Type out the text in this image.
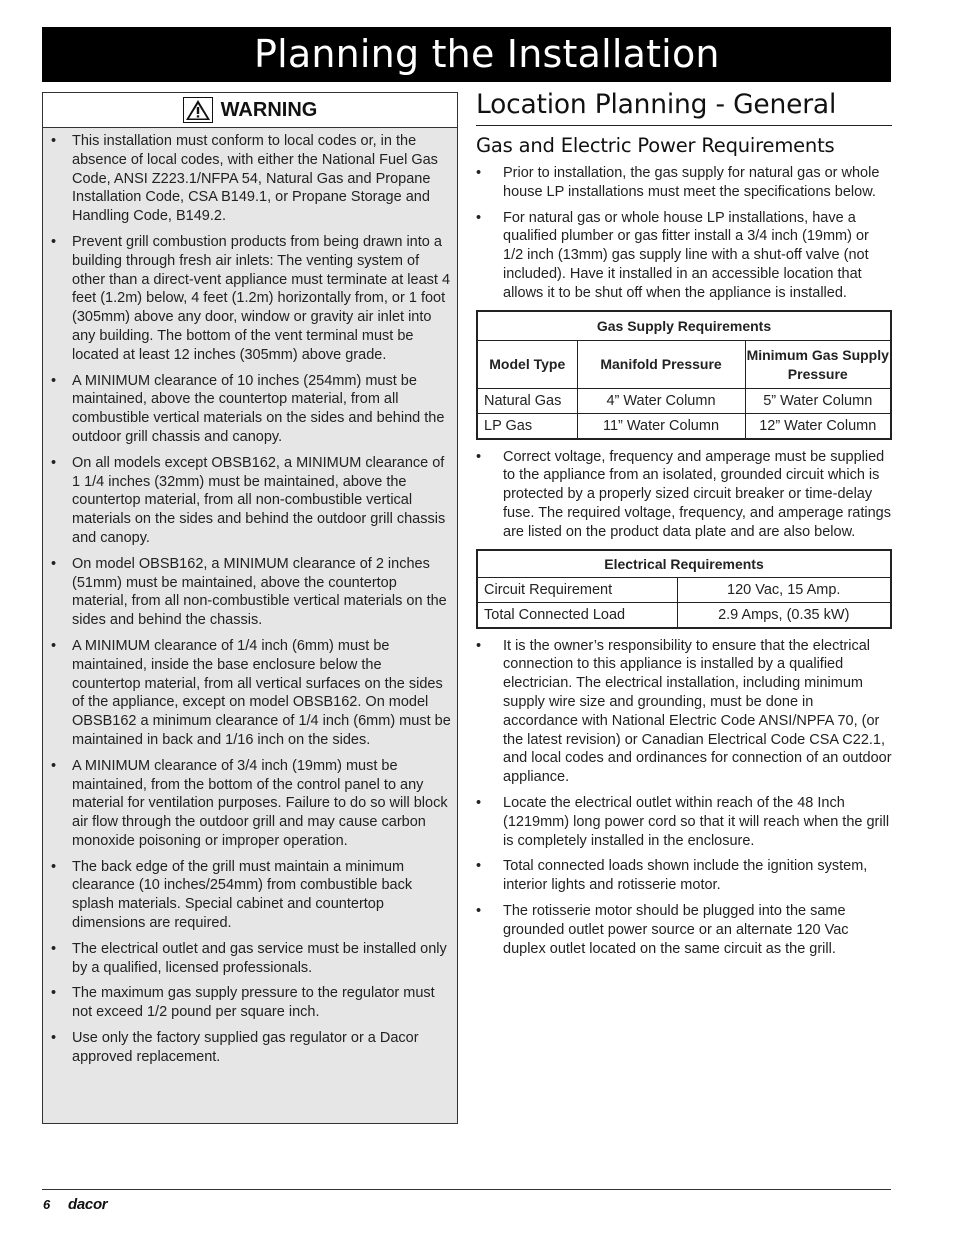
Planning the Installation
WARNING
• This installation must conform to local codes or, in the absence of local codes, with either the National Fuel Gas Code, ANSI Z223.1/NFPA 54, Natural Gas and Propane Installation Code, CSA B149.1, or Propane Storage and Handling Code, B149.2.
• Prevent grill combustion products from being drawn into a building through fresh air inlets: The venting system of other than a direct-vent appliance must terminate at least 4 feet (1.2m) below, 4 feet (1.2m) horizontally from, or 1 foot (305mm) above any door, window or gravity air inlet into any building. The bottom of the vent terminal must be located at least 12 inches (305mm) above grade.
• A MINIMUM clearance of 10 inches (254mm) must be maintained, above the countertop material, from all combustible vertical materials on the sides and behind the outdoor grill chassis and canopy.
• On all models except OBSB162, a MINIMUM clearance of 1 1/4 inches (32mm) must be maintained, above the countertop material, from all non-combustible vertical materials on the sides and behind the outdoor grill chassis and canopy.
• On model OBSB162, a MINIMUM clearance of 2 inches (51mm) must be maintained, above the countertop material, from all non-combustible vertical materials on the sides and behind the chassis.
• A MINIMUM clearance of 1/4 inch (6mm) must be maintained, inside the base enclosure below the countertop material, from all vertical surfaces on the sides of the appliance, except on model OBSB162. On model OBSB162 a minimum clearance of 1/4 inch (6mm) must be maintained in back and 1/16 inch on the sides.
• A MINIMUM clearance of 3/4 inch (19mm) must be maintained, from the bottom of the control panel to any material for ventilation purposes. Failure to do so will block air flow through the outdoor grill and may cause carbon monoxide poisoning or improper operation.
• The back edge of the grill must maintain a minimum clearance (10 inches/254mm) from combustible back splash materials. Special cabinet and countertop dimensions are required.
• The electrical outlet and gas service must be installed only by a qualified, licensed professionals.
• The maximum gas supply pressure to the regulator must not exceed 1/2 pound per square inch.
• Use only the factory supplied gas regulator or a Dacor approved replacement.
Location Planning - General
Gas and Electric Power Requirements
• Prior to installation, the gas supply for natural gas or whole house LP installations must meet the specifications below.
• For natural gas or whole house LP installations, have a qualified plumber or gas fitter install a 3/4 inch (19mm) or 1/2 inch (13mm) gas supply line with a shut-off valve (not included). Have it installed in an accessible location that allows it to be shut off when the appliance is installed.
Gas Supply Requirements		
Model Type	Manifold Pressure	Minimum Gas Supply Pressure
Natural Gas	4” Water Column	5” Water Column
LP Gas	11” Water Column	12” Water Column
• Correct voltage, frequency and amperage must be supplied to the appliance from an isolated, grounded circuit which is protected by a properly sized circuit breaker or time-delay fuse. The required voltage, frequency, and amperage ratings are listed on the product data plate and are also below.
Electrical Requirements	
Circuit Requirement	120 Vac, 15 Amp.
Total Connected Load	2.9 Amps, (0.35 kW)
• It is the owner’s responsibility to ensure that the electrical connection to this appliance is installed by a qualified electrician. The electrical installation, including minimum supply wire size and grounding, must be done in accordance with National Electric Code ANSI/NPFA 70, (or the latest revision) or Canadian Electrical Code CSA C22.1, and local codes and ordinances for connection of an outdoor appliance.
• Locate the electrical outlet within reach of the 48 Inch (1219mm) long power cord so that it will reach when the grill is completely installed in the enclosure.
• Total connected loads shown include the ignition system, interior lights and rotisserie motor.
• The rotisserie motor should be plugged into the same grounded outlet power source or an alternate 120 Vac duplex outlet located on the same circuit as the grill.
6 dacor
